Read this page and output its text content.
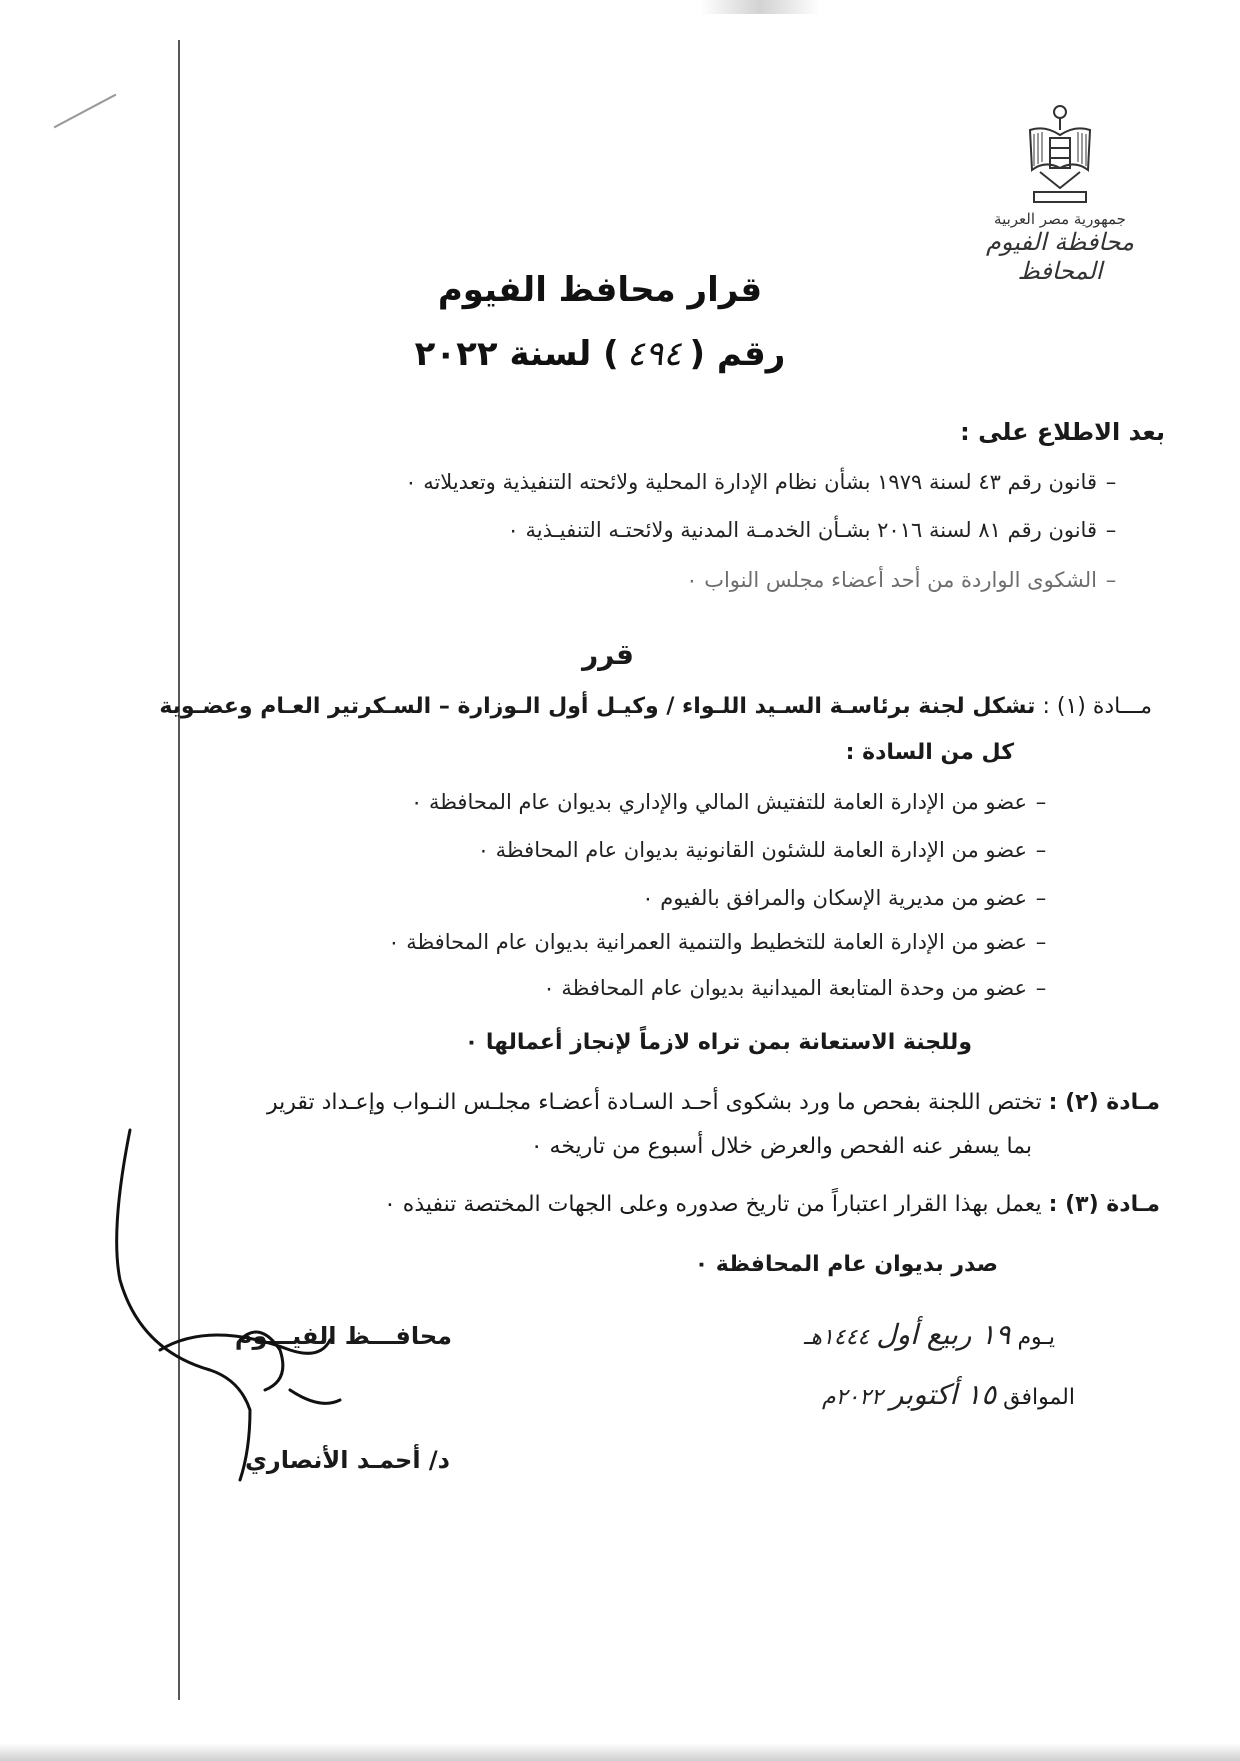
جمهورية مصر العربية
محافظة الفيوم
المحافظ
قرار محافظ الفيوم
رقم (٤٩٤) لسنة ٢٠٢٢
بعد الاطلاع على :
–قانون رقم ٤٣ لسنة ١٩٧٩ بشأن نظام الإدارة المحلية ولائحته التنفيذية وتعديلاته ٠
–قانون رقم ٨١ لسنة ٢٠١٦ بشـأن الخدمـة المدنية ولائحتـه التنفيـذية ٠
–الشكوى الواردة من أحد أعضاء مجلس النواب ٠
قرر
مـــادة (١) : تشكل لجنة برئاسـة السـيد اللـواء / وكيـل أول الـوزارة – السـكرتير العـام وعضـوية
كل من السادة :
–عضو من الإدارة العامة للتفتيش المالي والإداري بديوان عام المحافظة ٠
–عضو من الإدارة العامة للشئون القانونية بديوان عام المحافظة ٠
–عضو من مديرية الإسكان والمرافق بالفيوم ٠
–عضو من الإدارة العامة للتخطيط والتنمية العمرانية بديوان عام المحافظة ٠
–عضو من وحدة المتابعة الميدانية بديوان عام المحافظة ٠
وللجنة الاستعانة بمن تراه لازماً لإنجاز أعمالها ٠
مـادة (٢) : تختص اللجنة بفحص ما ورد بشكوى أحـد السـادة أعضـاء مجلـس النـواب وإعـداد تقرير
بما يسفر عنه الفحص والعرض خلال أسبوع من تاريخه ٠
مـادة (٣) : يعمل بهذا القرار اعتباراً من تاريخ صدوره وعلى الجهات المختصة تنفيذه ٠
صدر بديوان عام المحافظة ٠
يـوم ١٩ ربيع أول ١٤٤٤هـ
الموافق ١٥ أكتوبر ٢٠٢٢م
محافـــظ الفيـــوم
د/ أحمـد الأنصاري
